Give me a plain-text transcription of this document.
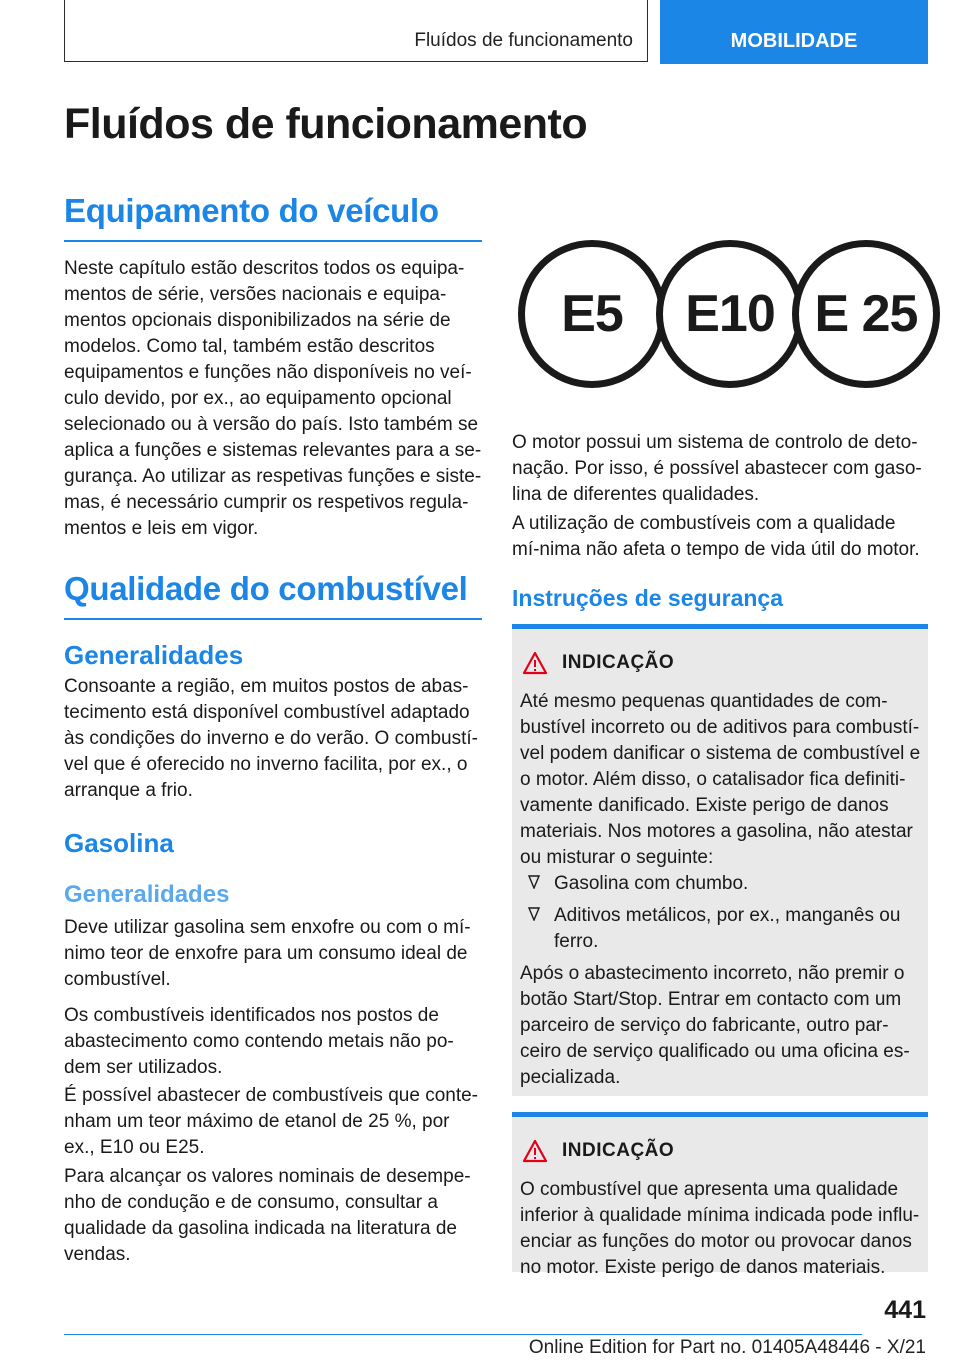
Fluídos de funcionamento	MOBILIDADE
Fluídos de funcionamento
Equipamento do veículo

Neste capítulo estão descritos todos os equipa-mentos de série, versões nacionais e equipa-mentos opcionais disponibilizados na série de modelos. Como tal, também estão descritos equipamentos e funções não disponíveis no veí-culo devido, por ex., ao equipamento opcional selecionado ou à versão do país. Isto também se aplica a funções e sistemas relevantes para a se-gurança. Ao utilizar as respetivas funções e siste-mas, é necessário cumprir os respetivos regula-mentos e leis em vigor.

Qualidade do combustível
Generalidades

Consoante a região, em muitos postos de abas-tecimento está disponível combustível adaptado às condições do inverno e do verão. O combustí-vel que é oferecido no inverno facilita, por ex., o arranque a frio.

Gasolina
Generalidades

Deve utilizar gasolina sem enxofre ou com o mí-nimo teor de enxofre para um consumo ideal de combustível.

Os combustíveis identificados nos postos de abastecimento como contendo metais não po-dem ser utilizados.

É possível abastecer de combustíveis que conte-nham um teor máximo de etanol de 25 %, por ex., E10 ou E25.

Para alcançar os valores nominais de desempe-nho de condução e de consumo, consultar a qualidade da gasolina indicada na literatura de vendas.

E5	E10 E 25

O motor possui um sistema de controlo de deto-nação. Por isso, é possível abastecer com gaso-lina de diferentes qualidades.

A utilização de combustíveis com a qualidade mí-nima não afeta o tempo de vida útil do motor.

Instruções de segurança
INDICAÇÃO

Até mesmo pequenas quantidades de com-bustível incorreto ou de aditivos para combustí-vel podem danificar o sistema de combustível e o motor. Além disso, o catalisador fica definiti-vamente danificado. Existe perigo de danos materiais. Nos motores a gasolina, não atestar ou misturar o seguinte:

Gasolina com chumbo.
Aditivos metálicos, por ex., manganês ou ferro.

Após o abastecimento incorreto, não premir o botão Start/Stop. Entrar em contacto com um parceiro de serviço do fabricante, outro par-ceiro de serviço qualificado ou uma oficina es-pecializada.

INDICAÇÃO

O combustível que apresenta uma qualidade inferior à qualidade mínima indicada pode influ-enciar as funções do motor ou provocar danos no motor. Existe perigo de danos materiais.

441
Online Edition for Part no. 01405A48446 - X/21
